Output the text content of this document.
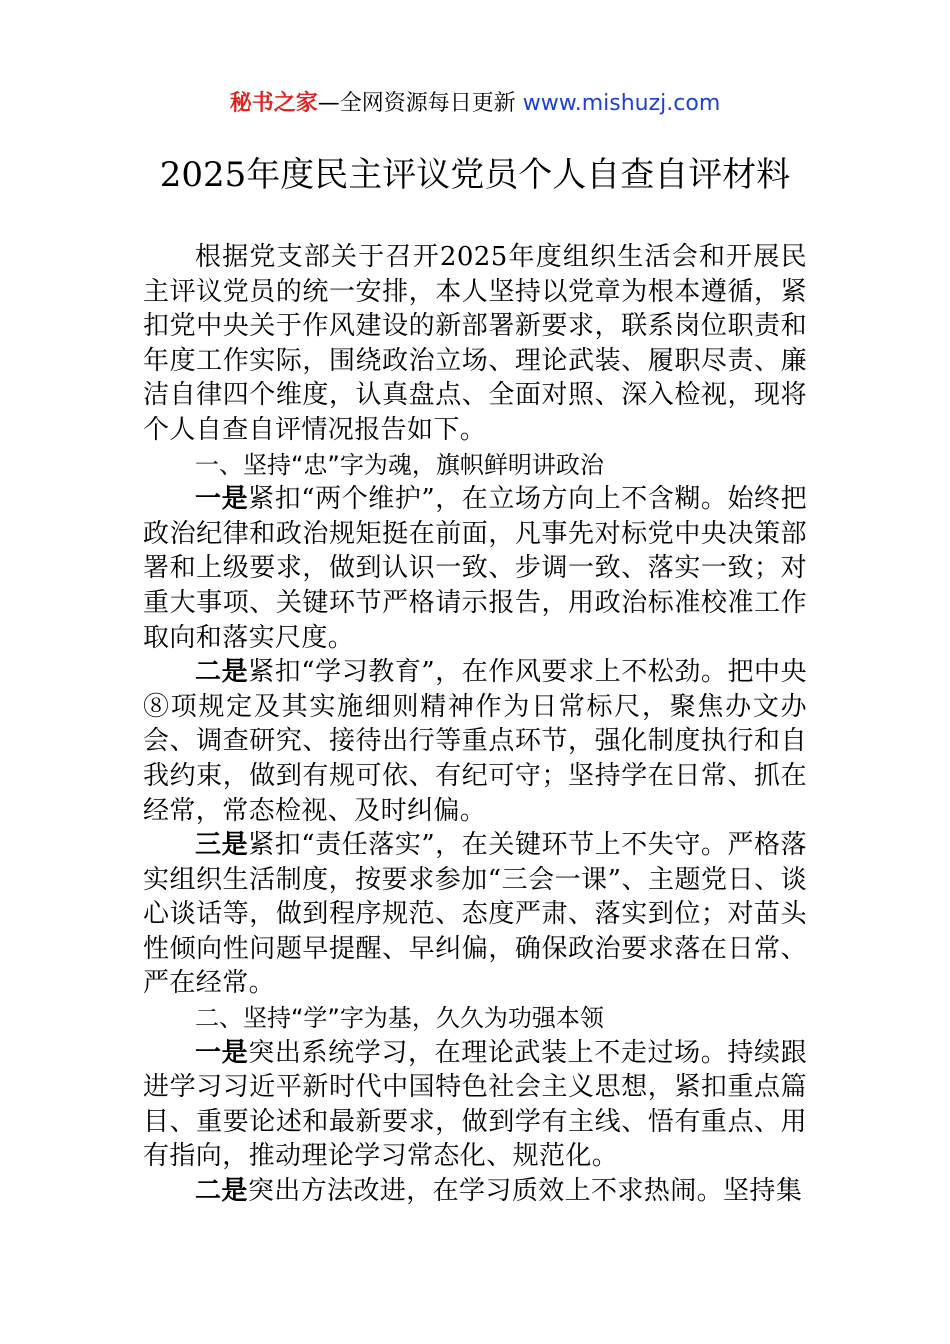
秘书之家—全网资源每日更新 www.mishuzj.com
2025年度民主评议党员个人自查自评材料

根据党支部关于召开2025年度组织生活会和开展民主评议党员的统一安排，本人坚持以党章为根本遵循，紧扣党中央关于作风建设的新部署新要求，联系岗位职责和年度工作实际，围绕政治立场、理论武装、履职尽责、廉洁自律四个维度，认真盘点、全面对照、深入检视，现将个人自查自评情况报告如下。

一、坚持“忠”字为魂，旗帜鲜明讲政治

一是紧扣“两个维护”，在立场方向上不含糊。始终把政治纪律和政治规矩挺在前面，凡事先对标党中央决策部署和上级要求，做到认识一致、步调一致、落实一致；对重大事项、关键环节严格请示报告，用政治标准校准工作取向和落实尺度。

二是紧扣“学习教育”，在作风要求上不松劲。把中央⑧项规定及其实施细则精神作为日常标尺，聚焦办文办会、调查研究、接待出行等重点环节，强化制度执行和自我约束，做到有规可依、有纪可守；坚持学在日常、抓在经常，常态检视、及时纠偏。

三是紧扣“责任落实”，在关键环节上不失守。严格落实组织生活制度，按要求参加“三会一课”、主题党日、谈心谈话等，做到程序规范、态度严肃、落实到位；对苗头性倾向性问题早提醒、早纠偏，确保政治要求落在日常、严在经常。

二、坚持“学”字为基，久久为功强本领

一是突出系统学习，在理论武装上不走过场。持续跟进学习习近平新时代中国特色社会主义思想，紧扣重点篇目、重要论述和最新要求，做到学有主线、悟有重点、用有指向，推动理论学习常态化、规范化。

二是突出方法改进，在学习质效上不求热闹。坚持集
